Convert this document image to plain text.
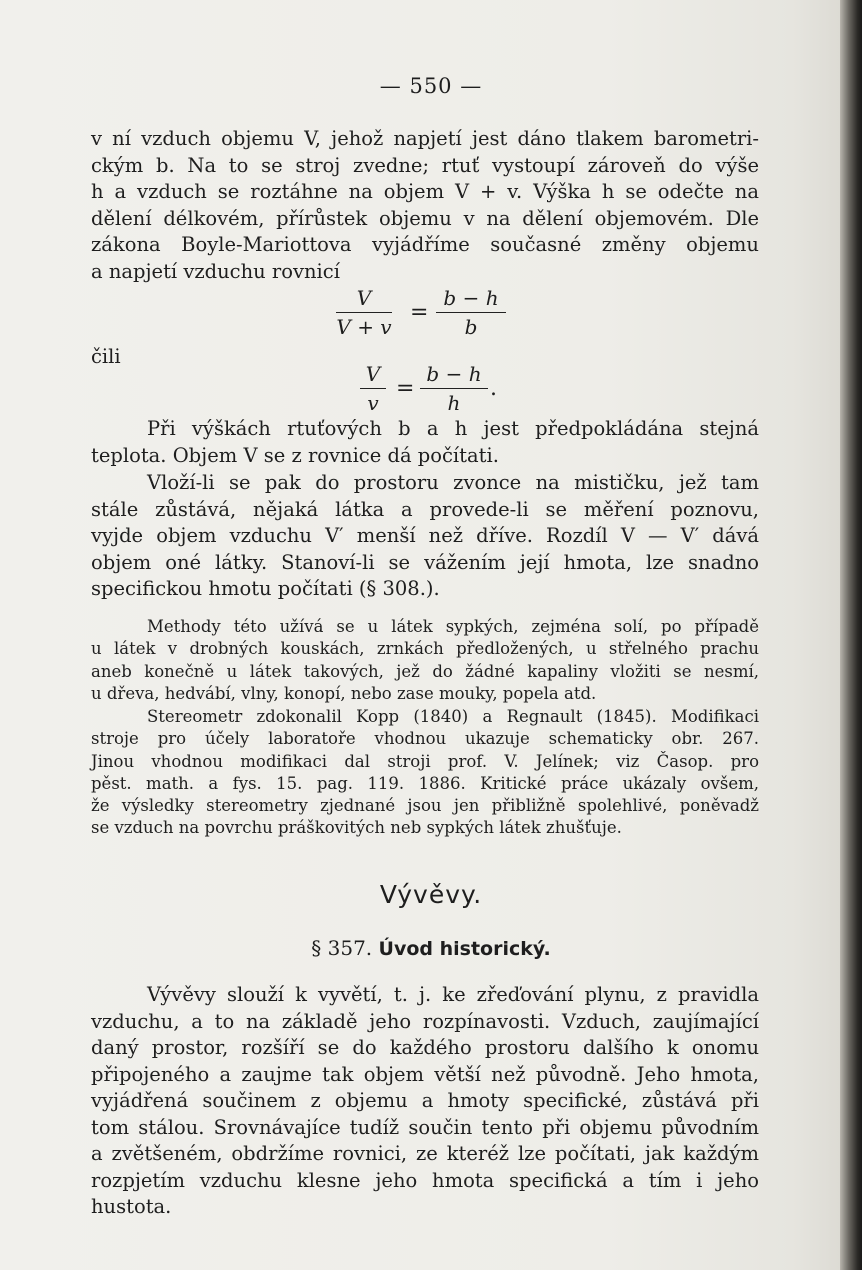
— 550 —
v ní vzduch objemu V, jehož napjetí jest dáno tlakem barometri-
ckým b. Na to se stroj zvedne; rtuť vystoupí zároveň do výše
h a vzduch se roztáhne na objem V + v. Výška h se odečte na
dělení délkovém, přírůstek objemu v na dělení objemovém. Dle
zákona Boyle-Mariottova vyjádříme současné změny objemu
a napjetí vzduchu rovnicí
V
V + v
=
b − h
b
čili
V
v
=
b − h
h
.
Při výškách rtuťových b a h jest předpokládána stejná
teplota. Objem V se z rovnice dá počítati.
Vloží-li se pak do prostoru zvonce na mističku, jež tam
stále zůstává, nějaká látka a provede-li se měření poznovu,
vyjde objem vzduchu V′ menší než dříve. Rozdíl V — V′ dává
objem oné látky. Stanoví-li se vážením její hmota, lze snadno
specifickou hmotu počítati (§ 308.).
Methody této užívá se u látek sypkých, zejména solí, po případě
u látek v drobných kouskách, zrnkách předložených, u střelného prachu
aneb konečně u látek takových, jež do žádné kapaliny vložiti se nesmí,
u dřeva, hedvábí, vlny, konopí, nebo zase mouky, popela atd.
Stereometr zdokonalil Kopp (1840) a Regnault (1845). Modifikaci
stroje pro účely laboratoře vhodnou ukazuje schematicky obr. 267.
Jinou vhodnou modifikaci dal stroji prof. V. Jelínek; viz Časop. pro
pěst. math. a fys. 15. pag. 119. 1886. Kritické práce ukázaly ovšem,
že výsledky stereometry zjednané jsou jen přibližně spolehlivé, poněvadž
se vzduch na povrchu práškovitých neb sypkých látek zhušťuje.
Vývěvy.
§ 357. Úvod historický.
Vývěvy slouží k vyvětí, t. j. ke zřeďování plynu, z pravidla
vzduchu, a to na základě jeho rozpínavosti. Vzduch, zaujímající
daný prostor, rozšíří se do každého prostoru dalšího k onomu
připojeného a zaujme tak objem větší než původně. Jeho hmota,
vyjádřená součinem z objemu a hmoty specifické, zůstává při
tom stálou. Srovnávajíce tudíž součin tento při objemu původním
a zvětšeném, obdržíme rovnici, ze kteréž lze počítati, jak každým
rozpjetím vzduchu klesne jeho hmota specifická a tím i jeho
hustota.
